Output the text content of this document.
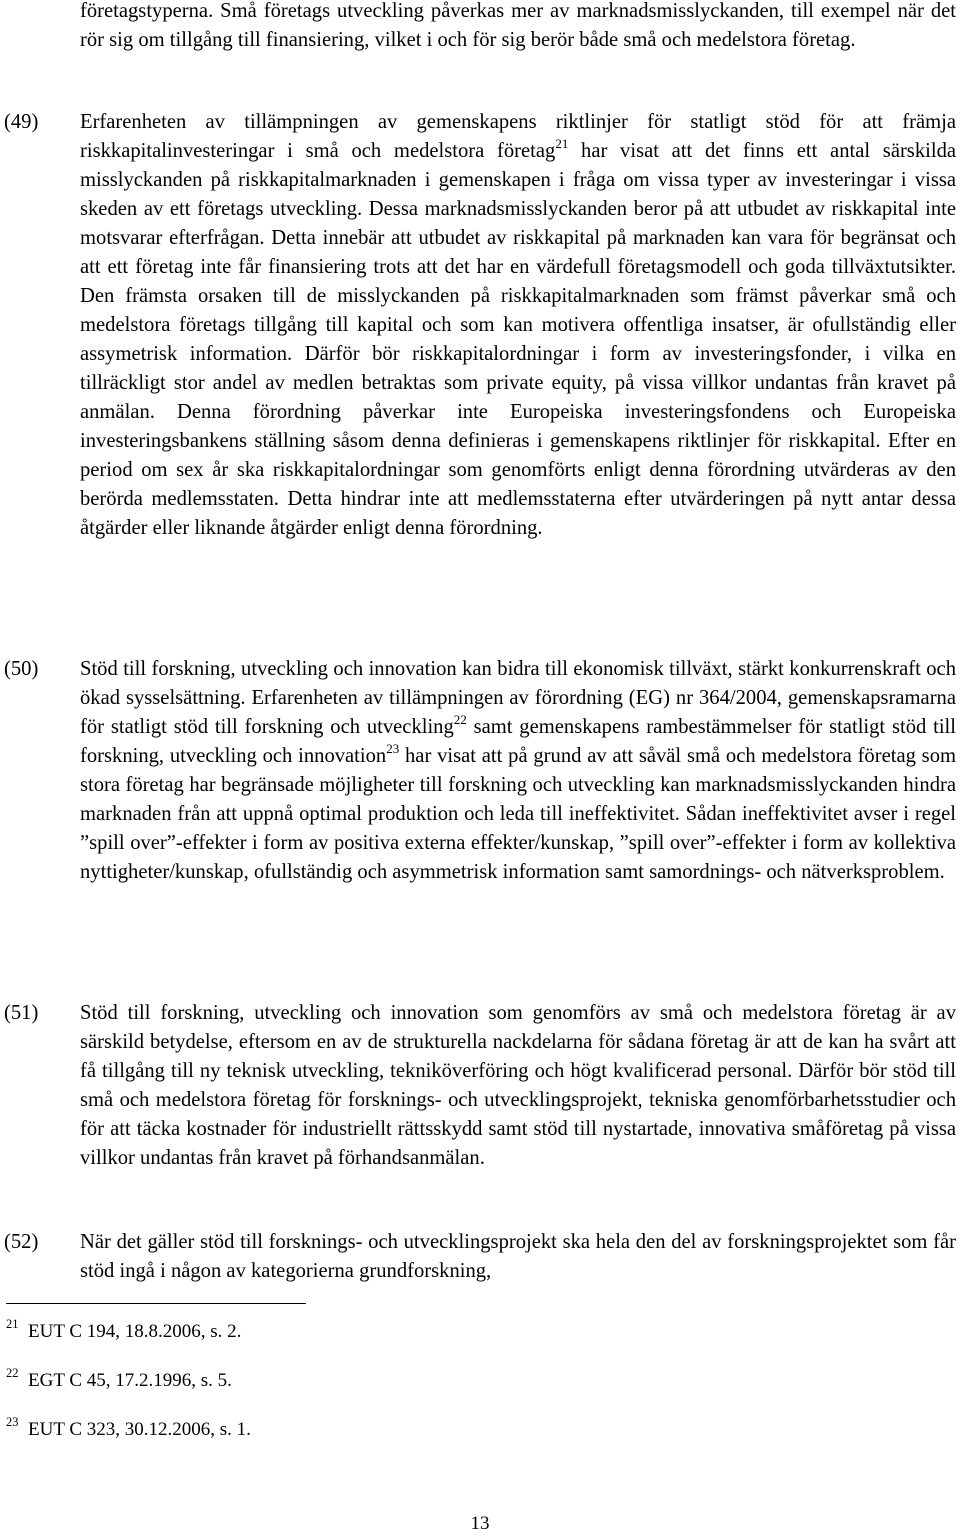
företagstyperna. Små företags utveckling påverkas mer av marknadsmisslyckanden, till exempel när det rör sig om tillgång till finansiering, vilket i och för sig berör både små och medelstora företag.
(49) Erfarenheten av tillämpningen av gemenskapens riktlinjer för statligt stöd för att främja riskkapitalinvesteringar i små och medelstora företag$^{21}$ har visat att det finns ett antal särskilda misslyckanden på riskkapitalmarknaden i gemenskapen i fråga om vissa typer av investeringar i vissa skeden av ett företags utveckling. Dessa marknadsmisslyckanden beror på att utbudet av riskkapital inte motsvarar efterfrågan. Detta innebär att utbudet av riskkapital på marknaden kan vara för begränsat och att ett företag inte får finansiering trots att det har en värdefull företagsmodell och goda tillväxtutsikter. Den främsta orsaken till de misslyckanden på riskkapitalmarknaden som främst påverkar små och medelstora företags tillgång till kapital och som kan motivera offentliga insatser, är ofullständig eller assymetrisk information. Därför bör riskkapitalordningar i form av investeringsfonder, i vilka en tillräckligt stor andel av medlen betraktas som private equity, på vissa villkor undantas från kravet på anmälan. Denna förordning påverkar inte Europeiska investeringsfondens och Europeiska investeringsbankens ställning såsom denna definieras i gemenskapens riktlinjer för riskkapital. Efter en period om sex år ska riskkapitalordningar som genomförts enligt denna förordning utvärderas av den berörda medlemsstaten. Detta hindrar inte att medlemsstaterna efter utvärderingen på nytt antar dessa åtgärder eller liknande åtgärder enligt denna förordning.
(50) Stöd till forskning, utveckling och innovation kan bidra till ekonomisk tillväxt, stärkt konkurrenskraft och ökad sysselsättning. Erfarenheten av tillämpningen av förordning (EG) nr 364/2004, gemenskapsramarna för statligt stöd till forskning och utveckling$^{22}$ samt gemenskapens rambestämmelser för statligt stöd till forskning, utveckling och innovation$^{23}$ har visat att på grund av att såväl små och medelstora företag som stora företag har begränsade möjligheter till forskning och utveckling kan marknadsmisslyckanden hindra marknaden från att uppnå optimal produktion och leda till ineffektivitet. Sådan ineffektivitet avser i regel ”spill over”-effekter i form av positiva externa effekter/kunskap, ”spill over”-effekter i form av kollektiva nyttigheter/kunskap, ofullständig och asymmetrisk information samt samordnings- och nätverksproblem.
(51) Stöd till forskning, utveckling och innovation som genomförs av små och medelstora företag är av särskild betydelse, eftersom en av de strukturella nackdelarna för sådana företag är att de kan ha svårt att få tillgång till ny teknisk utveckling, tekniköverföring och högt kvalificerad personal. Därför bör stöd till små och medelstora företag för forsknings- och utvecklingsprojekt, tekniska genomförbarhetsstudier och för att täcka kostnader för industriellt rättsskydd samt stöd till nystartade, innovativa småföretag på vissa villkor undantas från kravet på förhandsanmälan.
(52) När det gäller stöd till forsknings- och utvecklingsprojekt ska hela den del av forskningsprojektet som får stöd ingå i någon av kategorierna grundforskning,
21 EUT C 194, 18.8.2006, s. 2.
22 EGT C 45, 17.2.1996, s. 5.
23 EUT C 323, 30.12.2006, s. 1.
13
